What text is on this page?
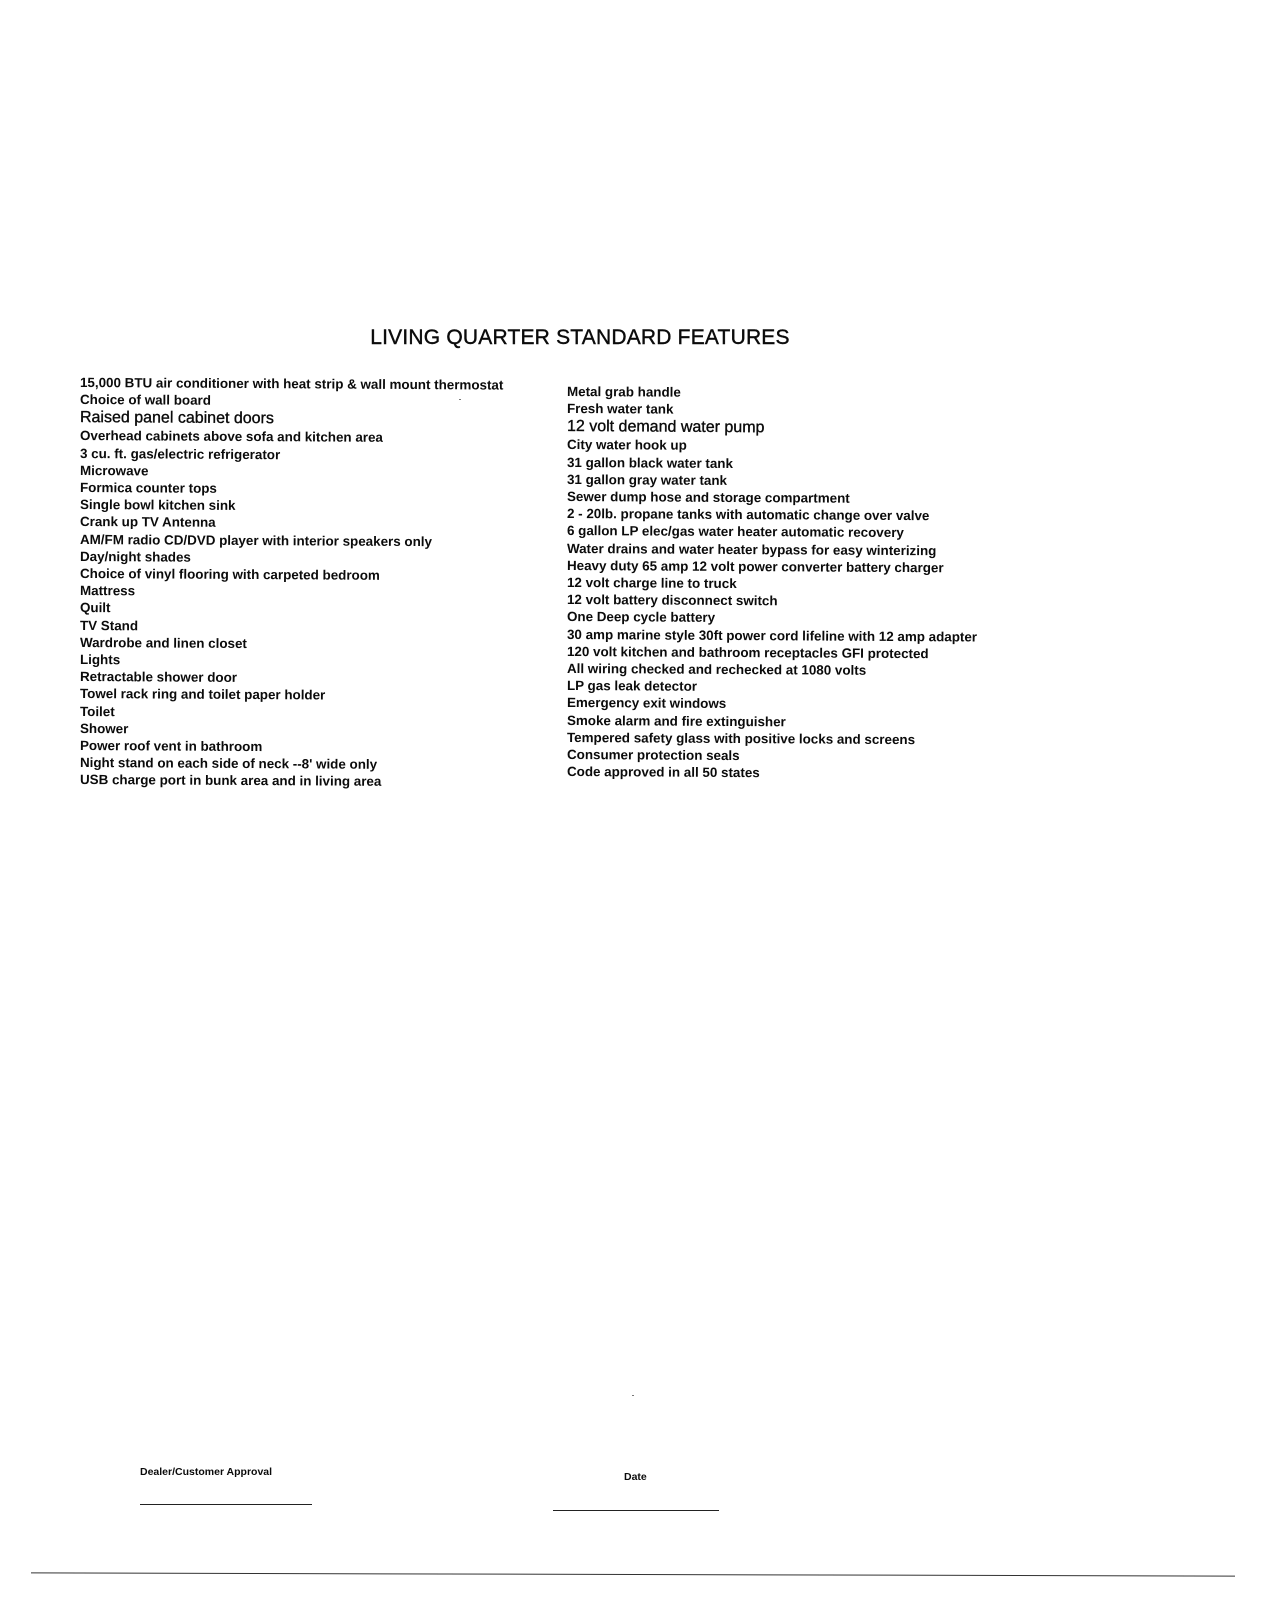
LIVING QUARTER STANDARD FEATURES
15,000 BTU air conditioner with heat strip & wall mount thermostat
Choice of wall board
Raised panel cabinet doors
Overhead cabinets above sofa and kitchen area
3 cu. ft. gas/electric refrigerator
Microwave
Formica counter tops
Single bowl kitchen sink
Crank up TV Antenna
AM/FM radio CD/DVD player with interior speakers only
Day/night shades
Choice of vinyl flooring with carpeted bedroom
Mattress
Quilt
TV Stand
Wardrobe and linen closet
Lights
Retractable shower door
Towel rack ring and toilet paper holder
Toilet
Shower
Power roof vent in bathroom
Night stand on each side of neck --8' wide only
USB charge port in bunk area and in living area
Metal grab handle
Fresh water tank
12 volt demand water pump
City water hook up
31 gallon black water tank
31 gallon gray water tank
Sewer dump hose and storage compartment
2 - 20lb. propane tanks with automatic change over valve
6 gallon LP elec/gas water heater automatic recovery
Water drains and water heater bypass for easy winterizing
Heavy duty 65 amp 12 volt power converter battery charger
12 volt charge line to truck
12 volt battery disconnect switch
One Deep cycle battery
30 amp marine style 30ft power cord lifeline with 12 amp adapter
120 volt kitchen and bathroom receptacles GFI protected
All wiring checked and rechecked at 1080 volts
LP gas leak detector
Emergency exit windows
Smoke alarm and fire extinguisher
Tempered safety glass with positive locks and screens
Consumer protection seals
Code approved in all 50 states
Dealer/Customer Approval	Date
